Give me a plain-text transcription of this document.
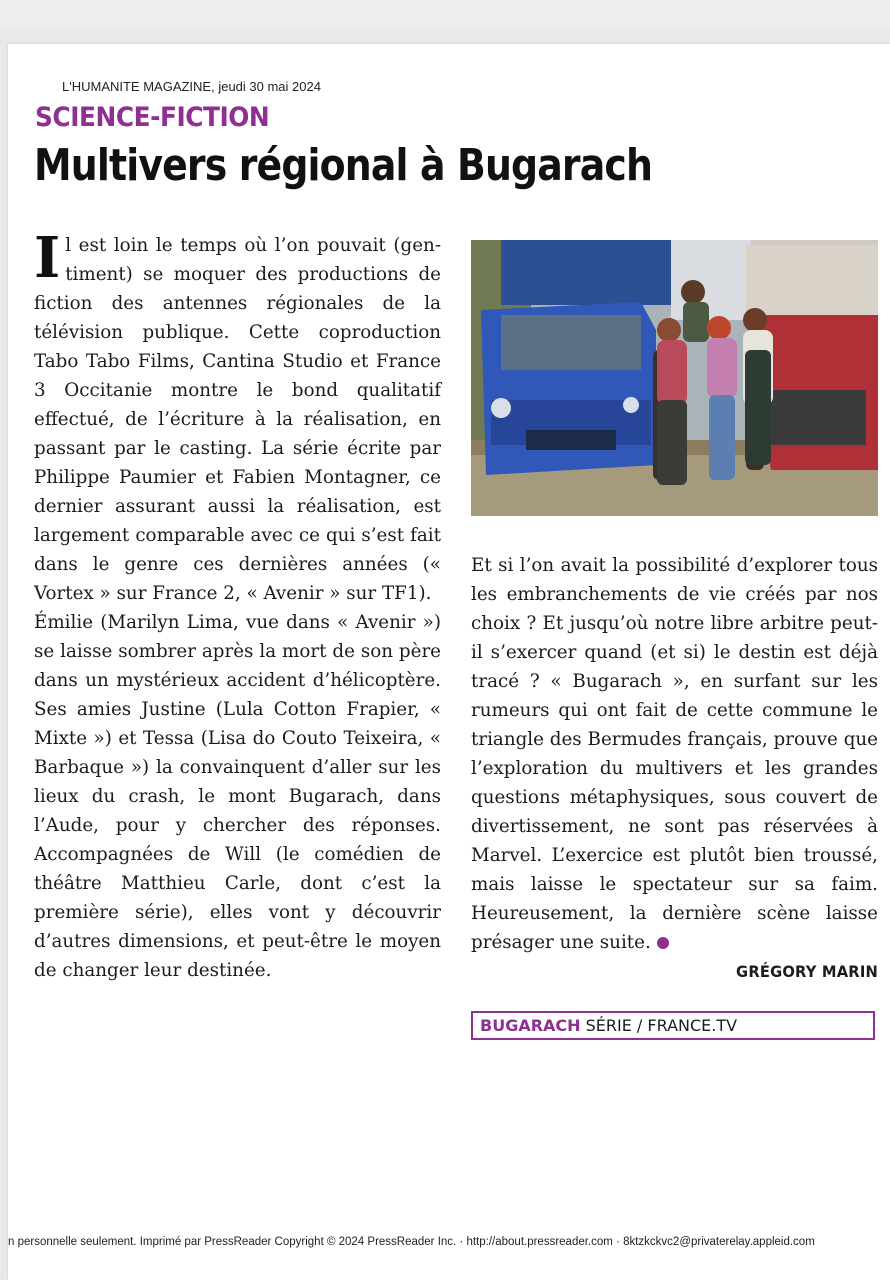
L'HUMANITE MAGAZINE, jeudi 30 mai 2024
SCIENCE-FICTION
Multivers régional à Bugarach

Il est loin le temps où l’on pouvait (gentiment) se moquer des productions de fiction des antennes régionales de la télévision publique. Cette coproduction Tabo Tabo Films, Cantina Studio et France 3 Occitanie montre le bond qualitatif effectué, de l’écriture à la réalisation, en passant par le casting. La série écrite par Philippe Paumier et Fabien Montagner, ce dernier assurant aussi la réalisation, est largement comparable avec ce qui s’est fait dans le genre ces dernières années (« Vortex » sur France 2, « Avenir » sur TF1).

Émilie (Marilyn Lima, vue dans « Avenir ») se laisse sombrer après la mort de son père dans un mystérieux accident d’hélicoptère. Ses amies Justine (Lula Cotton Frapier, « Mixte ») et Tessa (Lisa do Couto Teixeira, « Barbaque ») la convainquent d’aller sur les lieux du crash, le mont Bugarach, dans l’Aude, pour y chercher des réponses. Accompagnées de Will (le comédien de théâtre Matthieu Carle, dont c’est la première série), elles vont y découvrir d’autres dimensions, et peut-être le moyen de changer leur destinée.

Et si l’on avait la possibilité d’explorer tous les embranchements de vie créés par nos choix ? Et jusqu’où notre libre arbitre peut-il s’exercer quand (et si) le destin est déjà tracé ? « Bugarach », en surfant sur les rumeurs qui ont fait de cette commune le triangle des Bermudes français, prouve que l’exploration du multivers et les grandes questions métaphysiques, sous couvert de divertissement, ne sont pas réservées à Marvel. L’exercice est plutôt bien troussé, mais laisse le spectateur sur sa faim. Heureusement, la dernière scène laisse présager une suite.

GRÉGORY MARIN
BUGARACH SÉRIE / FRANCE.TV
n personnelle seulement. Imprimé par PressReader Copyright © 2024 PressReader Inc. · http://about.pressreader.com · 8ktzkckvc2@privaterelay.appleid.com
